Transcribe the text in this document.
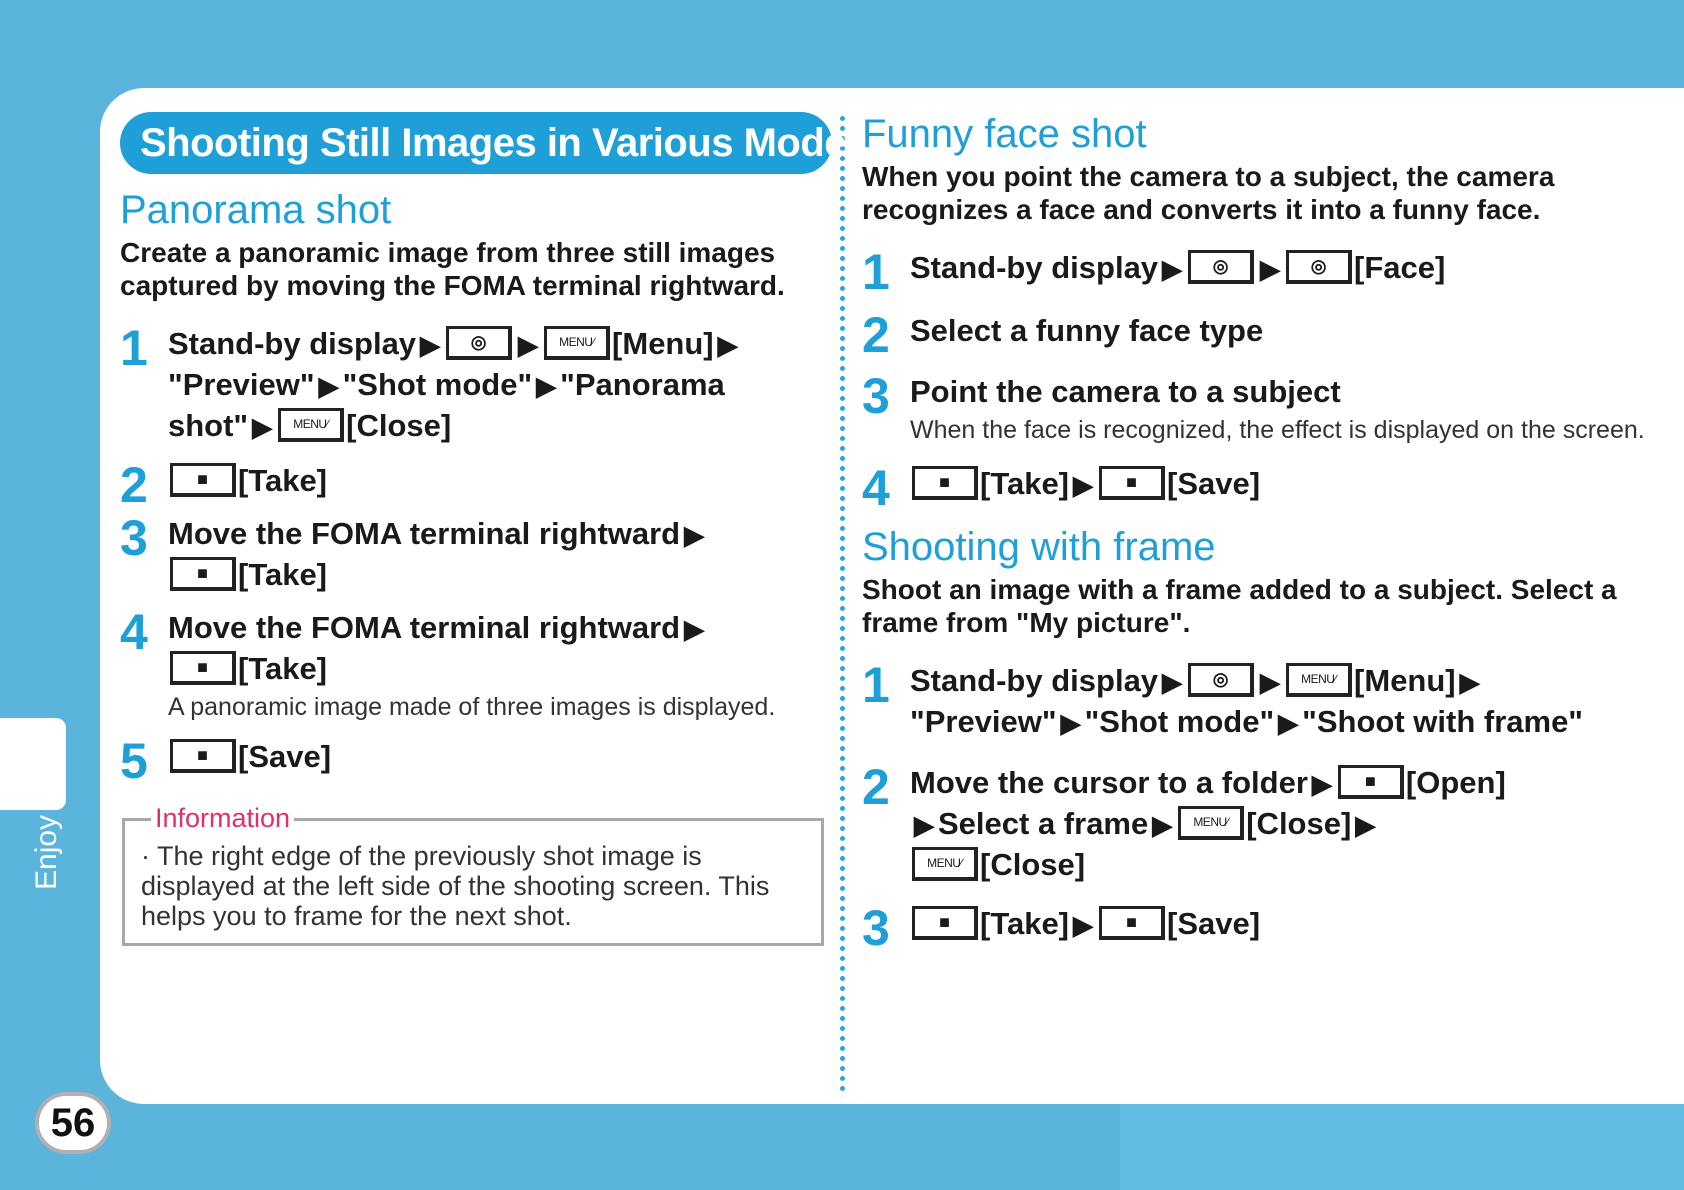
Enjoy
56
Shooting Still Images in Various Modes
Panorama shot
Create a panoramic image from three still images captured by moving the FOMA terminal rightward.
1 Stand-by display ▶ ◎ ▶ MENU∕ [Menu] ▶ "Preview" ▶ "Shot mode" ▶ "Panorama shot" ▶ MENU∕ [Close]
2	■ [Take]
3 Move the FOMA terminal rightward ▶
■ [Take]
4 Move the FOMA terminal rightward ▶
■ [Take]
A panoramic image made of three images is displayed.
5	■ [Save]
Information
· The right edge of the previously shot image is displayed at the left side of the shooting screen. This helps you to frame for the next shot.
Funny face shot
When you point the camera to a subject, the camera recognizes a face and converts it into a funny face.
1 Stand-by display ▶ ◎ ▶ ◎ [Face]
2 Select a funny face type
3 Point the camera to a subject
When the face is recognized, the effect is displayed on the screen.
4	■ [Take] ▶ ■ [Save]
Shooting with frame
Shoot an image with a frame added to a subject. Select a frame from "My picture".
1 Stand-by display ▶ ◎ ▶ MENU∕ [Menu] ▶ "Preview" ▶ "Shot mode" ▶ "Shoot with frame"
2 Move the cursor to a folder ▶ ■ [Open]
▶ Select a frame ▶ MENU∕ [Close] ▶
MENU∕ [Close]
3	■ [Take] ▶ ■ [Save]
